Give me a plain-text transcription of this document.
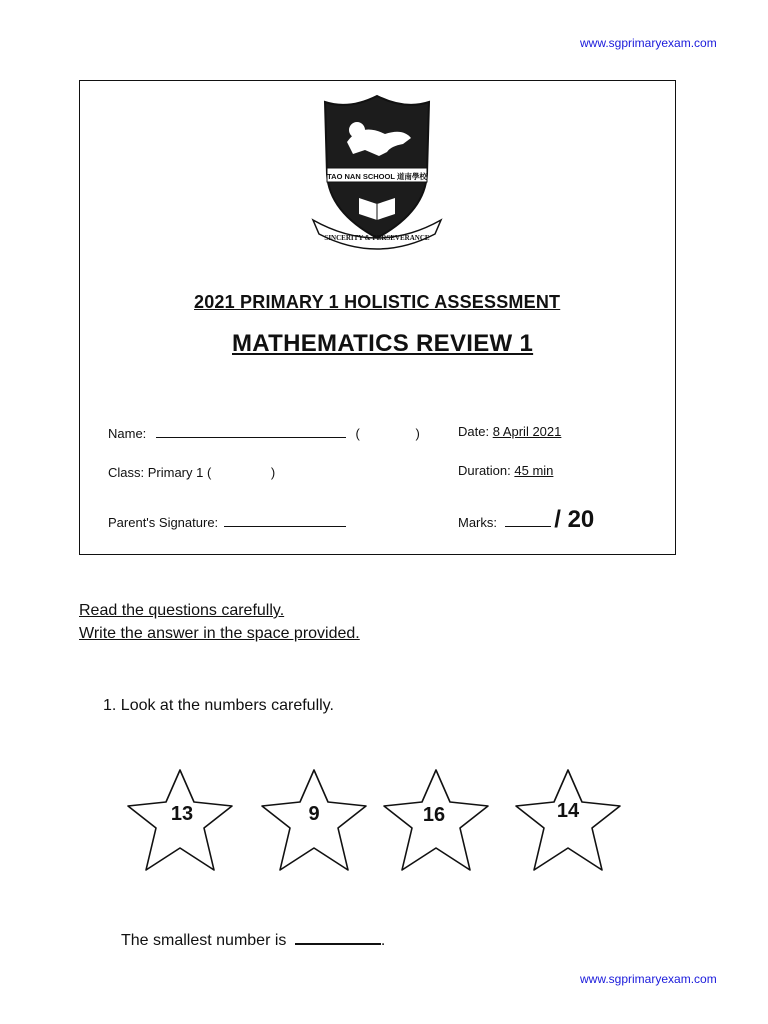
www.sgprimaryexam.com
TAO NAN SCHOOL 道南學校
SINCERITY & PERSEVERANCE
2021 PRIMARY 1 HOLISTIC ASSESSMENT
MATHEMATICS REVIEW 1
Name:	(	)
Class: Primary 1 (	)
Parent's Signature:
Date: 8 April 2021
Duration: 45 min
Marks: / 20
Read the questions carefully.
Write the answer in the space provided.
1. Look at the numbers carefully.
13	9	16	14
The smallest number is	.
www.sgprimaryexam.com
